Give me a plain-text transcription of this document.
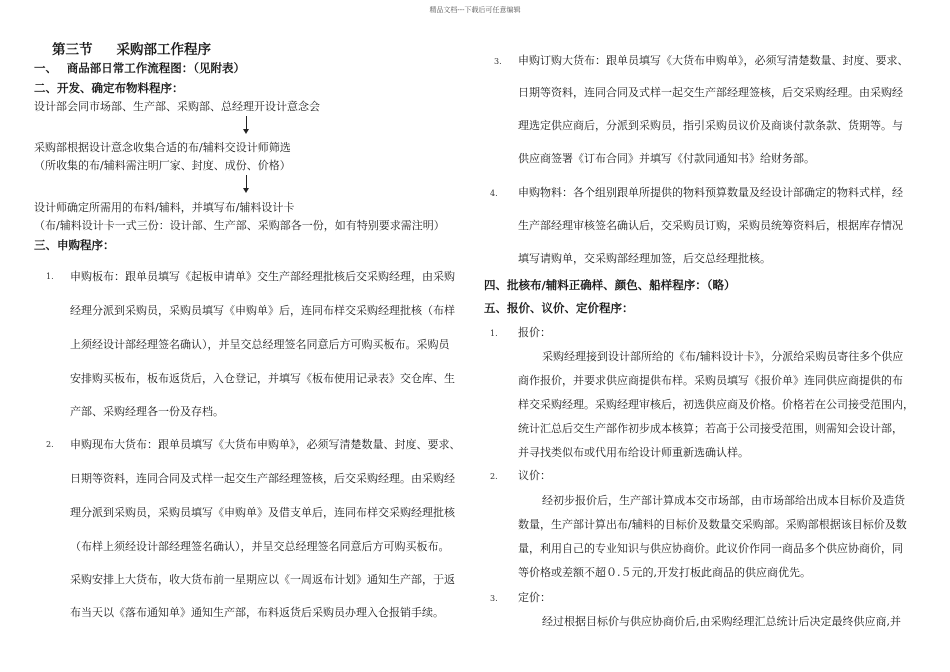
精品文档---下载后可任意编辑
第三节 采购部工作程序
一、　 商品部日常工作流程图：（见附表）
二、开发、确定布物料程序：
设计部会同市场部、生产部、采购部、总经理开设计意念会
采购部根据设计意念收集合适的布/辅料交设计师筛选
（所收集的布/辅料需注明厂家、封度、成份、价格）
设计师确定所需用的布料/辅料，并填写布/辅料设计卡
（布/辅料设计卡一式三份：设计部、生产部、采购部各一份，如有特别要求需注明）
三、申购程序：
1. 申购板布：跟单员填写《起板申请单》交生产部经理批核后交采购经理，由采购
经理分派到采购员，采购员填写《申购单》后，连同布样交采购经理批核（布样
上须经设计部经理签名确认），并呈交总经理签名同意后方可购买板布。采购员
安排购买板布，板布返货后，入仓登记，并填写《板布使用记录表》交仓库、生
产部、采购经理各一份及存档。
2. 申购现布大货布：跟单员填写《大货布申购单》，必须写清楚数量、封度、要求、
日期等资料，连同合同及式样一起交生产部经理签核，后交采购经理。由采购经
理分派到采购员，采购员填写《申购单》及借支单后，连同布样交采购经理批核
（布样上须经设计部经理签名确认），并呈交总经理签名同意后方可购买板布。
采购安排上大货布，收大货布前一星期应以《一周返布计划》通知生产部，于返
布当天以《落布通知单》通知生产部，布料返货后采购员办理入仓报销手续。
3. 申购订购大货布：跟单员填写《大货布申购单》，必须写清楚数量、封度、要求、
日期等资料，连同合同及式样一起交生产部经理签核，后交采购经理。由采购经
理选定供应商后，分派到采购员，指引采购员议价及商谈付款条款、货期等。与
供应商签署《订布合同》并填写《付款同通知书》给财务部。
4. 申购物料：各个组别跟单所提供的物料预算数量及经设计部确定的物料式样，经
生产部经理审核签名确认后，交采购员订购，采购员统筹资料后，根据库存情况
填写请购单，交采购部经理加签，后交总经理批核。
四、批核布/辅料正确样、颜色、船样程序：（略）
五、报价、议价、定价程序：
1. 报价：
采购经理接到设计部所给的《布/辅料设计卡》，分派给采购员寄往多个供应
商作报价，并要求供应商提供布样。采购员填写《报价单》连同供应商提供的布
样交采购经理。采购经理审核后，初选供应商及价格。价格若在公司接受范围内，
统计汇总后交生产部作初步成本核算；若高于公司接受范围，则需知会设计部，
并寻找类似布或代用布给设计师重新选确认样。
2. 议价：
经初步报价后，生产部计算成本交市场部，由市场部给出成本目标价及造货
数量，生产部计算出布/辅料的目标价及数量交采购部。采购部根据该目标价及数
量，利用自己的专业知识与供应协商价。此议价作同一商品多个供应协商价，同
等价格或差额不超０.５元的,开发打板此商品的供应商优先。
3. 定价：
经过根据目标价与供应协商价后,由采购经理汇总统计后决定最终供应商,并
